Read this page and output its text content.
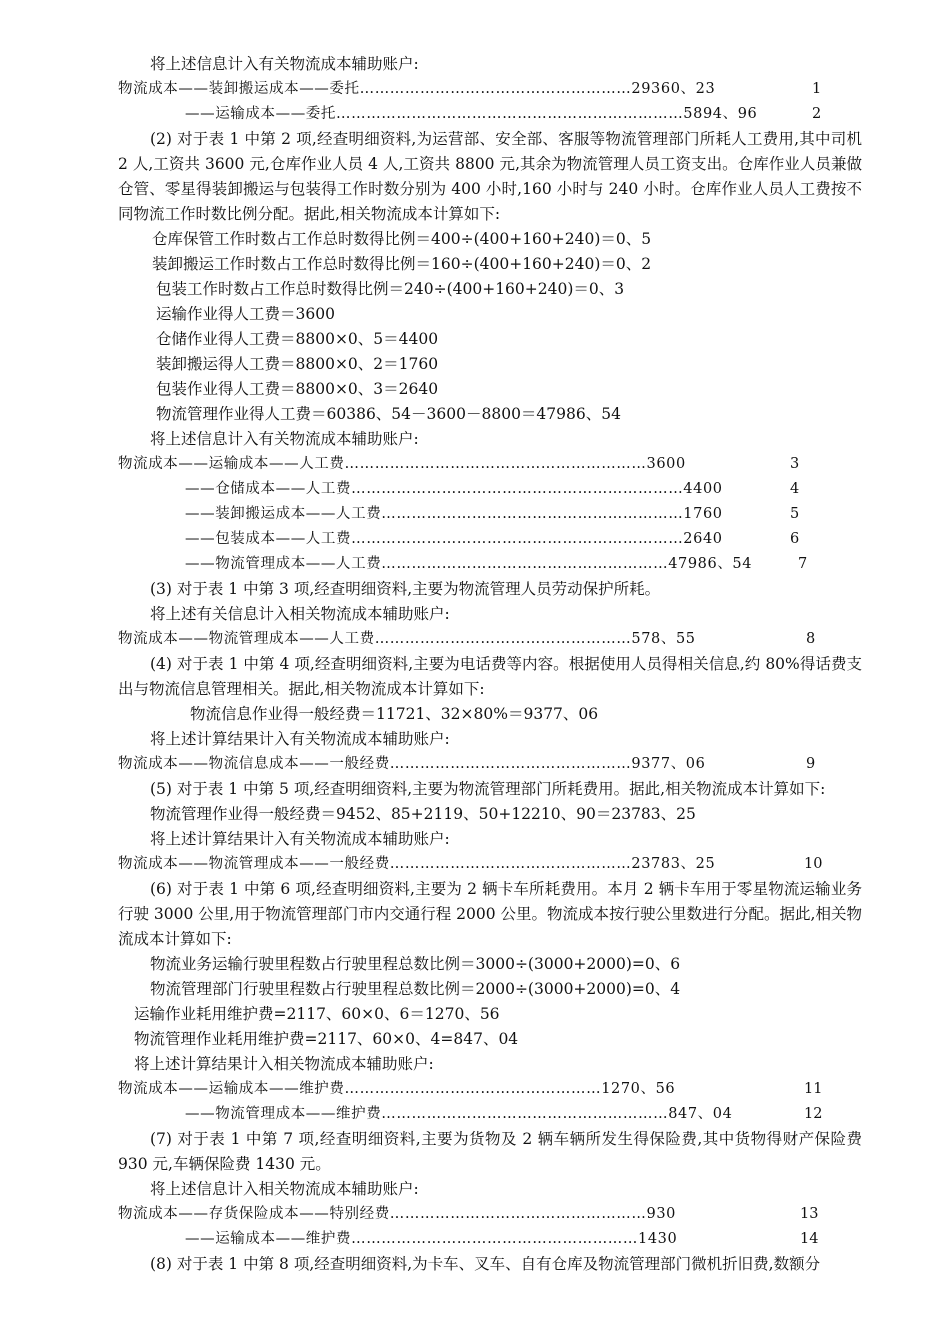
将上述信息计入有关物流成本辅助账户:
物流成本——装卸搬运成本——委托………………………………………………29360、23	1
——运输成本——委托……………………………………………………………5894、96	2
仓库保管工作时数占工作总时数得比例＝400÷(400+160+240)＝0、5
装卸搬运工作时数占工作总时数得比例＝160÷(400+160+240)＝0、2
包装工作时数占工作总时数得比例＝240÷(400+160+240)＝0、3
运输作业得人工费＝3600
仓储作业得人工费＝8800×0、5＝4400
装卸搬运得人工费＝8800×0、2＝1760
包装作业得人工费＝8800×0、3＝2640
物流管理作业得人工费＝60386、54－3600－8800＝47986、54
将上述信息计入有关物流成本辅助账户:
物流成本——运输成本——人工费……………………………………………………3600	3
——仓储成本——人工费…………………………………………………………4400	4
——装卸搬运成本——人工费……………………………………………………1760	5
——包装成本——人工费…………………………………………………………2640	6
——物流管理成本——人工费…………………………………………………47986、54	7
(3) 对于表 1 中第 3 项,经查明细资料,主要为物流管理人员劳动保护所耗。
将上述有关信息计入相关物流成本辅助账户:
物流成本——物流管理成本——人工费……………………………………………578、55	8
物流信息作业得一般经费＝11721、32×80%＝9377、06
将上述计算结果计入有关物流成本辅助账户:
物流成本——物流信息成本——一般经费…………………………………………9377、06	9
(5) 对于表 1 中第 5 项,经查明细资料,主要为物流管理部门所耗费用。据此,相关物流成本计算如下:
物流管理作业得一般经费＝9452、85+2119、50+12210、90＝23783、25
将上述计算结果计入有关物流成本辅助账户:
物流成本——物流管理成本——一般经费…………………………………………23783、25	10
物流业务运输行驶里程数占行驶里程总数比例＝3000÷(3000+2000)=0、6
物流管理部门行驶里程数占行驶里程总数比例＝2000÷(3000+2000)=0、4
运输作业耗用维护费=2117、60×0、6＝1270、56
物流管理作业耗用维护费=2117、60×0、4=847、04
将上述计算结果计入相关物流成本辅助账户:
物流成本——运输成本——维护费……………………………………………1270、56	11
——物流管理成本——维护费…………………………………………………847、04	12
将上述信息计入相关物流成本辅助账户:
物流成本——存货保险成本——特别经费……………………………………………930	13
——运输成本——维护费…………………………………………………1430	14
(2) 对于表 1 中第 2 项,经查明细资料,为运营部、安全部、客服等物流管理部门所耗人工费用,其中司机 2 人,工资共 3600 元,仓库作业人员 4 人,工资共 8800 元,其余为物流管理人员工资支出。仓库作业人员兼做仓管、零星得装卸搬运与包装得工作时数分别为 400 小时,160 小时与 240 小时。仓库作业人员人工费按不同物流工作时数比例分配。据此,相关物流成本计算如下:
(4) 对于表 1 中第 4 项,经查明细资料,主要为电话费等内容。根据使用人员得相关信息,约 80%得话费支出与物流信息管理相关。据此,相关物流成本计算如下:
(6) 对于表 1 中第 6 项,经查明细资料,主要为 2 辆卡车所耗费用。本月 2 辆卡车用于零星物流运输业务行驶 3000 公里,用于物流管理部门市内交通行程 2000 公里。物流成本按行驶公里数进行分配。据此,相关物流成本计算如下:
(7) 对于表 1 中第 7 项,经查明细资料,主要为货物及 2 辆车辆所发生得保险费,其中货物得财产保险费 930 元,车辆保险费 1430 元。
(8) 对于表 1 中第 8 项,经查明细资料,为卡车、叉车、自有仓库及物流管理部门微机折旧费,数额分
